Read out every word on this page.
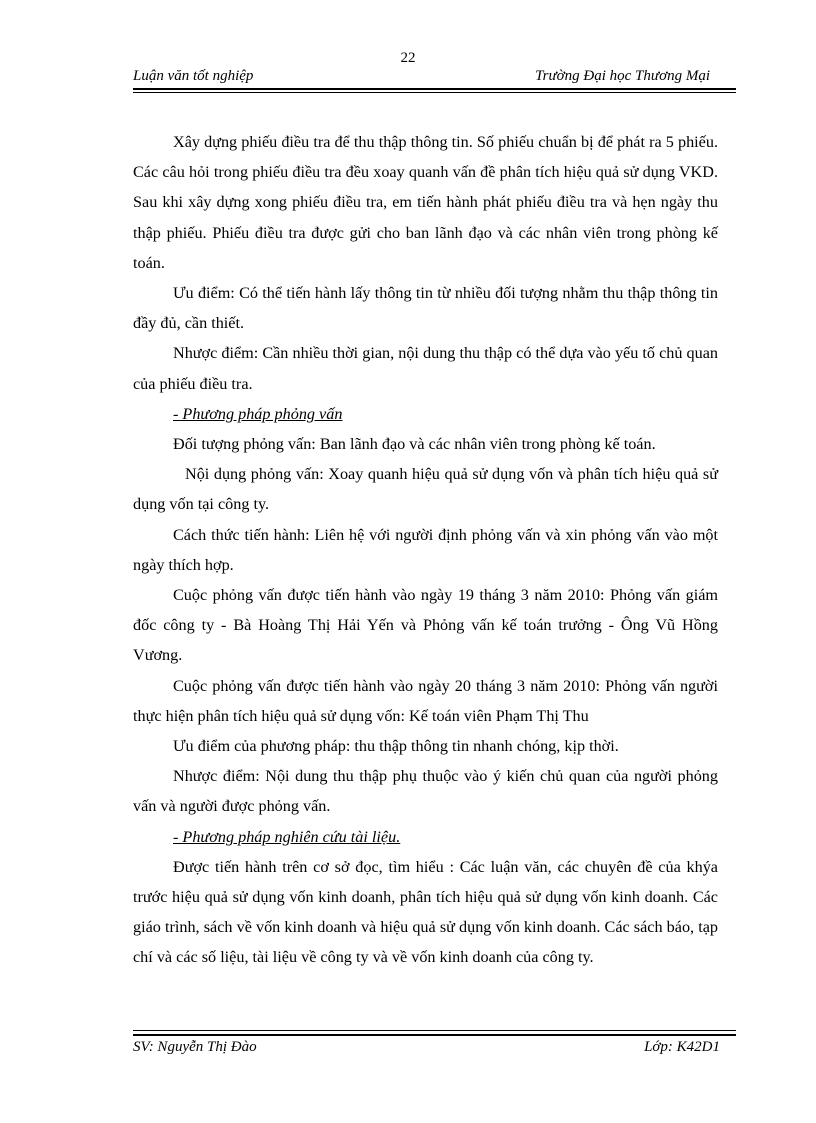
22
Luận văn tốt nghiệp	Trường Đại học Thương Mại

Xây dựng phiếu điều tra để thu thập thông tin. Số phiếu chuẩn bị để phát ra 5 phiếu. Các câu hỏi trong phiếu điều tra đều xoay quanh vấn đề phân tích hiệu quả sử dụng VKD. Sau khi xây dựng xong phiếu điều tra, em tiến hành phát phiếu điều tra và hẹn ngày thu thập phiếu. Phiếu điều tra được gửi cho ban lãnh đạo và các nhân viên trong phòng kế toán.

Ưu điểm: Có thể tiến hành lấy thông tin từ nhiều đối tượng nhằm thu thập thông tin đầy đủ, cần thiết.

Nhược điểm: Cần nhiều thời gian, nội dung thu thập có thể dựa vào yếu tố chủ quan của phiếu điều tra.

- Phương pháp phỏng vấn

Đối tượng phỏng vấn: Ban lãnh đạo và các nhân viên trong phòng kế toán.

Nội dụng phỏng vấn: Xoay quanh hiệu quả sử dụng vốn và phân tích hiệu quả sử dụng vốn tại công ty.

Cách thức tiến hành: Liên hệ với người định phỏng vấn và xin phỏng vấn vào một ngày thích hợp.

Cuộc phỏng vấn được tiến hành vào ngày 19 tháng 3 năm 2010: Phỏng vấn giám đốc công ty - Bà Hoàng Thị Hải Yến và Phỏng vấn kế toán trưởng - Ông Vũ Hồng Vương.

Cuộc phỏng vấn được tiến hành vào ngày 20 tháng 3 năm 2010: Phỏng vấn người thực hiện phân tích hiệu quả sử dụng vốn: Kế toán viên Phạm Thị Thu

Ưu điểm của phương pháp: thu thập thông tin nhanh chóng, kịp thời.

Nhược điểm: Nội dung thu thập phụ thuộc vào ý kiến chủ quan của người phỏng vấn và người được phỏng vấn.

- Phương pháp nghiên cứu tài liệu.

Được tiến hành trên cơ sở đọc, tìm hiểu : Các luận văn, các chuyên đề của khýa trước hiệu quả sử dụng vốn kinh doanh, phân tích hiệu quả sử dụng vốn kinh doanh. Các giáo trình, sách về vốn kinh doanh và hiệu quả sử dụng vốn kinh doanh. Các sách báo, tạp chí và các số liệu, tài liệu về công ty và về vốn kinh doanh của công ty.

SV: Nguyễn Thị Đào	Lớp: K42D1
